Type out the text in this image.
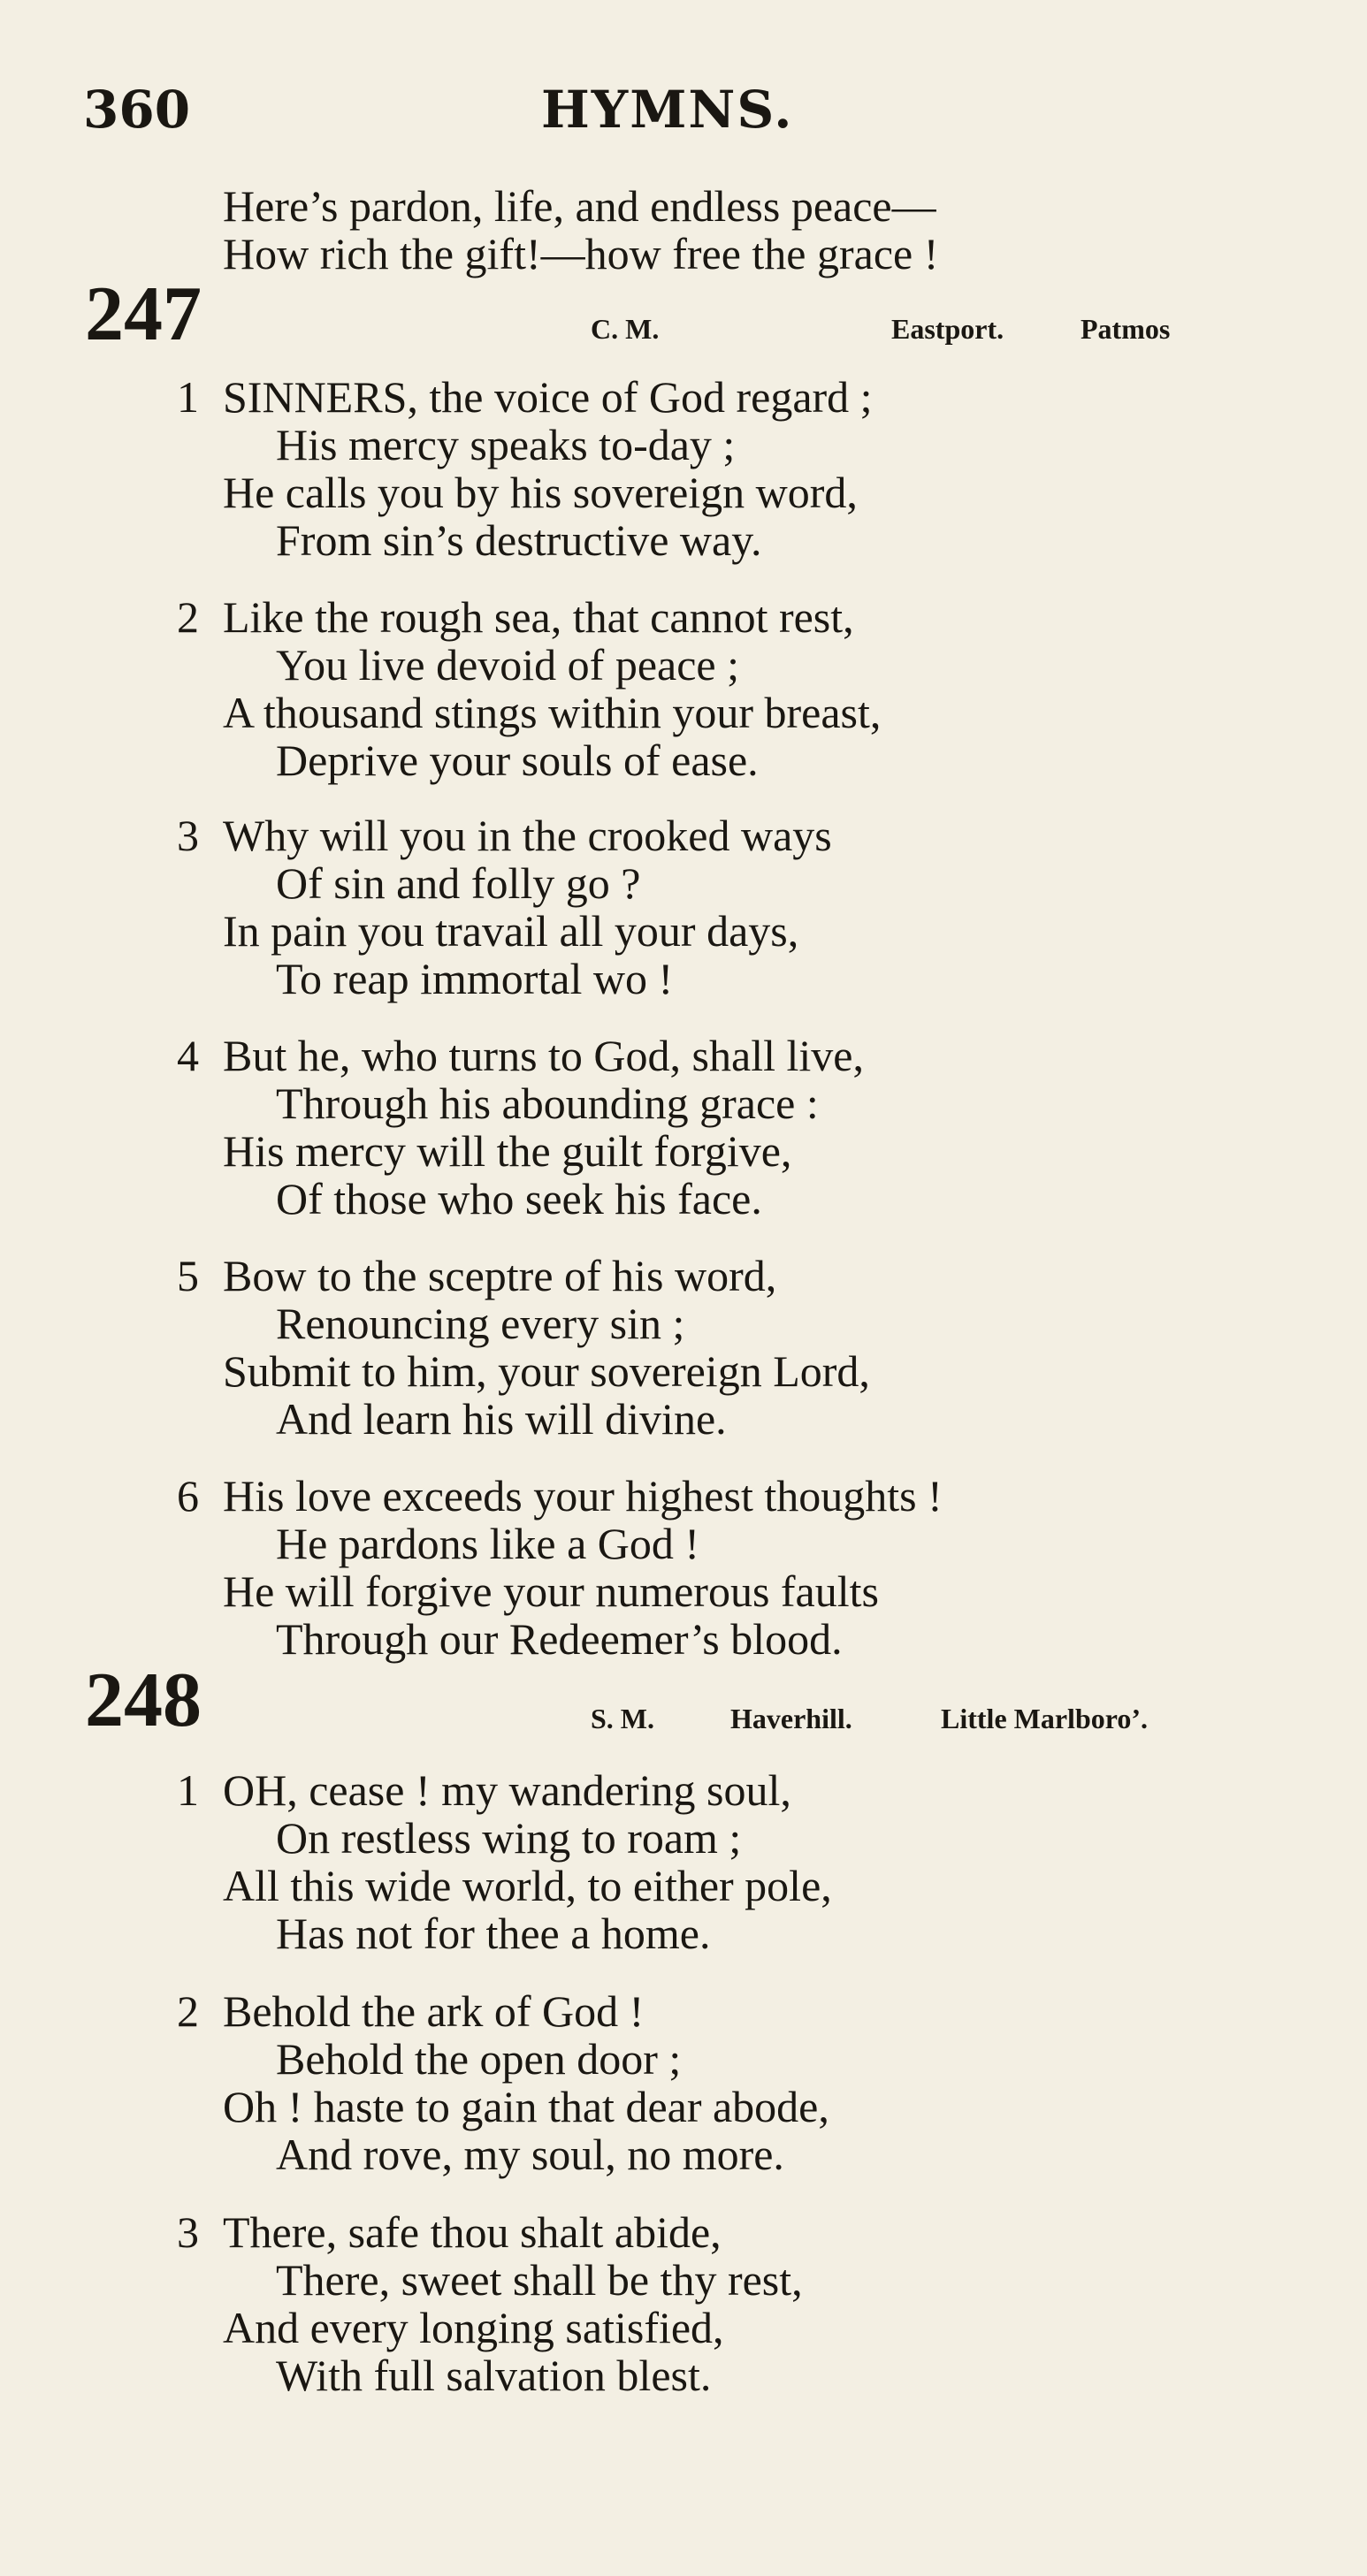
360	HYMNS.
Here’s pardon, life, and endless peace—
How rich the gift!—how free the grace !
247	C. M.	Eastport.	Patmos
1 SINNERS, the voice of God regard ;
His mercy speaks to-day ;
He calls you by his sovereign word,
From sin’s destructive way.
2 Like the rough sea, that cannot rest,
You live devoid of peace ;
A thousand stings within your breast,
Deprive your souls of ease.
3 Why will you in the crooked ways
Of sin and folly go ?
In pain you travail all your days,
To reap immortal wo !
4 But he, who turns to God, shall live,
Through his abounding grace :
His mercy will the guilt forgive,
Of those who seek his face.
5 Bow to the sceptre of his word,
Renouncing every sin ;
Submit to him, your sovereign Lord,
And learn his will divine.
6 His love exceeds your highest thoughts !
He pardons like a God !
He will forgive your numerous faults
Through our Redeemer’s blood.
248	S. M.	Haverhill.	Little Marlboro’.
1 OH, cease ! my wandering soul,
On restless wing to roam ;
All this wide world, to either pole,
Has not for thee a home.
2 Behold the ark of God !
Behold the open door ;
Oh ! haste to gain that dear abode,
And rove, my soul, no more.
3 There, safe thou shalt abide,
There, sweet shall be thy rest,
And every longing satisfied,
With full salvation blest.
